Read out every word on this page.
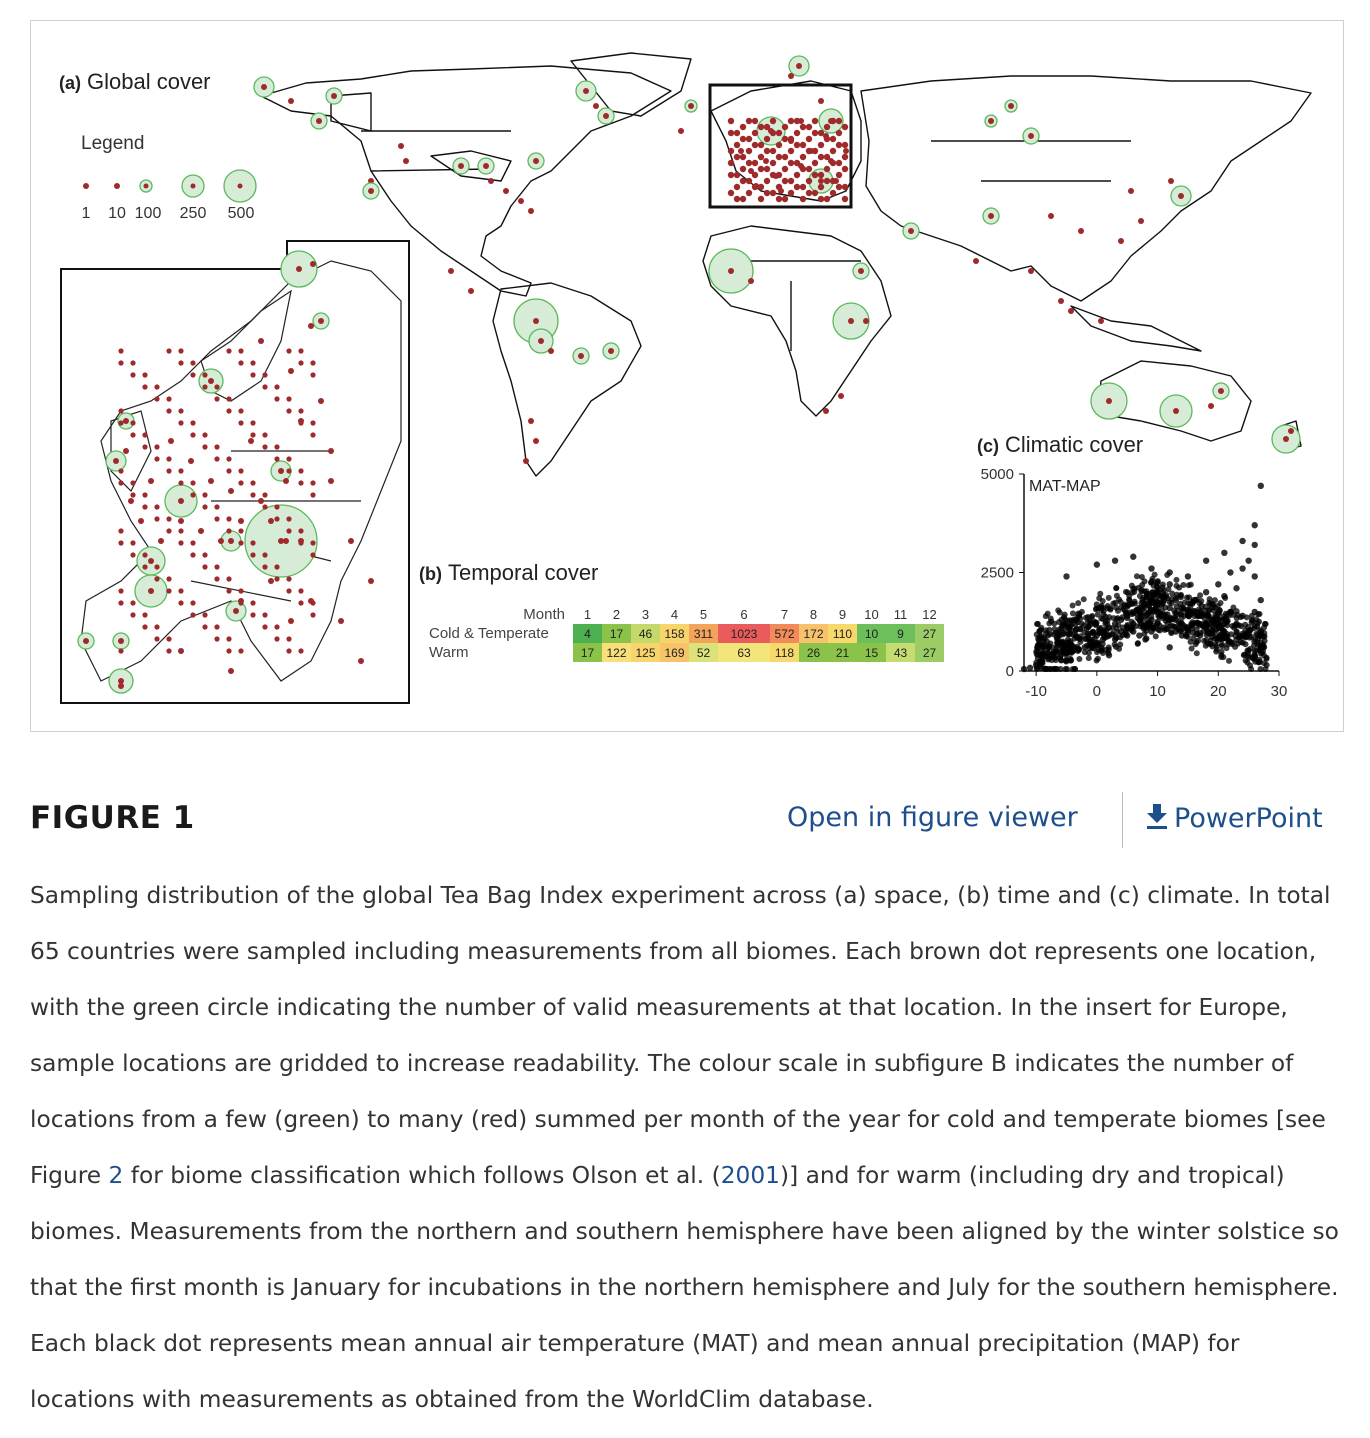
MAT-MAP
-10	0	10	20	30
0
2500
5000
(a) Global cover
Legend
1 10 100 250 500
(b) Temporal cover
Month	1	2	3	4	5	6	7	8	9	10	11	12
Cold & Temperate	4	17	46	158	311	1023	572	172	110	10	9	27
Warm	17	122	125	169	52	63	118	26	21	15	43	27
(c) Climatic cover
FIGURE 1	Open in figure viewer	PowerPoint
Sampling distribution of the global Tea Bag Index experiment across (a) space, (b) time and (c) climate. In total 65 countries were sampled including measurements from all biomes. Each brown dot represents one location, with the green circle indicating the number of valid measurements at that location. In the insert for Europe, sample locations are gridded to increase readability. The colour scale in subfigure B indicates the number of locations from a few (green) to many (red) summed per month of the year for cold and temperate biomes [see Figure 2 for biome classification which follows Olson et al. (2001)] and for warm (including dry and tropical) biomes. Measurements from the northern and southern hemisphere have been aligned by the winter solstice so that the first month is January for incubations in the northern hemisphere and July for the southern hemisphere. Each black dot represents mean annual air temperature (MAT) and mean annual precipitation (MAP) for locations with measurements as obtained from the WorldClim database.
